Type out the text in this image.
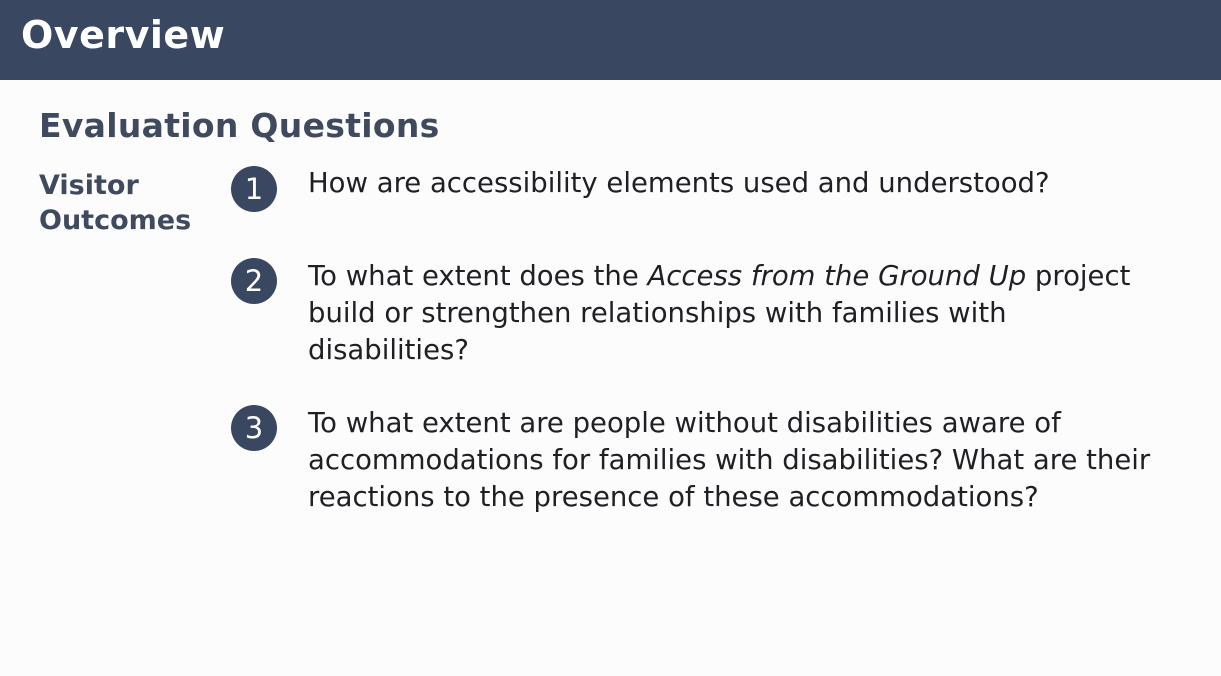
Overview
Evaluation Questions
Visitor Outcomes
1	How are accessibility elements used and understood?
2	To what extent does the Access from the Ground Up project build or strengthen relationships with families with disabilities?
3	To what extent are people without disabilities aware of accommodations for families with disabilities? What are their reactions to the presence of these accommodations?
